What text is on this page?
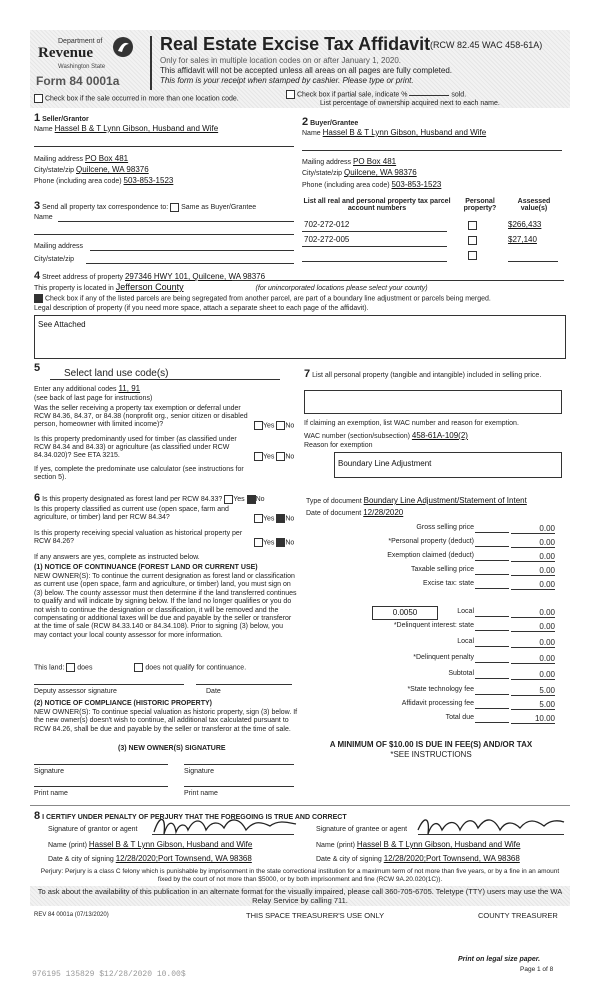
Department of
Revenue
Washington State
Form 84 0001a
Real Estate Excise Tax Affidavit (RCW 82.45 WAC 458-61A)
Only for sales in multiple location codes on or after January 1, 2020.
This affidavit will not be accepted unless all areas on all pages are fully completed.
This form is your receipt when stamped by cashier. Please type or print.
Check box if the sale occurred in more than one location code.
Check box if partial sale, indicate %	sold.
List percentage of ownership acquired next to each name.
1 Seller/Grantor
Name Hassel B & T Lynn Gibson, Husband and Wife
Mailing address PO Box 481
City/state/zip Quilcene, WA 98376
Phone (including area code) 503-853-1523
2 Buyer/Grantee
Name Hassel B & T Lynn Gibson, Husband and Wife
Mailing address PO Box 481
City/state/zip Quilcene, WA 98376
Phone (including area code) 503-853-1523
3 Send all property tax correspondence to: Same as Buyer/Grantee
Name
Mailing address
City/state/zip
List all real and personal property tax parcel account numbers
Personal property?
Assessed value(s)
702-272-012	$266,433
702-272-005	$27,140
4 Street address of property 297346 HWY 101, Quilcene, WA 98376
This property is located in Jefferson County	(for unincorporated locations please select your county)
Check box if any of the listed parcels are being segregated from another parcel, are part of a boundary line adjustment or parcels being merged.
Legal description of property (if you need more space, attach a separate sheet to each page of the affidavit).
See Attached
5	Select land use code(s)
Enter any additional codes 11, 91
(see back of last page for instructions)
Was the seller receiving a property tax exemption or deferral under RCW 84.36, 84.37, or 84.38 (nonprofit org., senior citizen or disabled person, homeowner with limited income)?	Yes No
Is this property predominantly used for timber (as classified under RCW 84.34 and 84.33) or agriculture (as classified under RCW 84.34.020)? See ETA 3215.	Yes No
If yes, complete the predominate use calculator (see instructions for section 5).
6 Is this property designated as forest land per RCW 84.33? Yes No
Is this property classified as current use (open space, farm and agriculture, or timber) land per RCW 84.34?	Yes No
Is this property receiving special valuation as historical property per RCW 84.26?	Yes No
If any answers are yes, complete as instructed below.
(1) NOTICE OF CONTINUANCE (FOREST LAND OR CURRENT USE)
NEW OWNER(S): To continue the current designation as forest land or classification as current use (open space, farm and agriculture, or timber) land, you must sign on (3) below. The county assessor must then determine if the land transferred continues to qualify and will indicate by signing below. If the land no longer qualifies or you do not wish to continue the designation or classification, it will be removed and the compensating or additional taxes will be due and payable by the seller or transferor at the time of sale (RCW 84.33.140 or 84.34.108). Prior to signing (3) below, you may contact your local county assessor for more information.
This land: does	does not qualify for continuance.
Deputy assessor signature	Date
(2) NOTICE OF COMPLIANCE (HISTORIC PROPERTY)
NEW OWNER(S): To continue special valuation as historic property, sign (3) below. If the new owner(s) doesn't wish to continue, all additional tax calculated pursuant to RCW 84.26, shall be due and payable by the seller or transferor at the time of sale.
(3) NEW OWNER(S) SIGNATURE
Signature	Signature
Print name	Print name
7 List all personal property (tangible and intangible) included in selling price.
If claiming an exemption, list WAC number and reason for exemption.
WAC number (section/subsection) 458-61A-109(2)
Reason for exemption
Boundary Line Adjustment
Type of document Boundary Line Adjustment/Statement of Intent
Date of document 12/28/2020
Gross selling price	0.00
*Personal property (deduct)	0.00
Exemption claimed (deduct)	0.00
Taxable selling price	0.00
Excise tax: state	0.00
0.0050	Local	0.00
*Delinquent interest: state	0.00
Local	0.00
*Delinquent penalty	0.00
Subtotal	0.00
*State technology fee	5.00
Affidavit processing fee	5.00
Total due	10.00
A MINIMUM OF $10.00 IS DUE IN FEE(S) AND/OR TAX
*SEE INSTRUCTIONS
8 I CERTIFY UNDER PENALTY OF PERJURY THAT THE FOREGOING IS TRUE AND CORRECT
Signature of grantor or agent	Signature of grantee or agent
Name (print) Hassel B & T Lynn Gibson, Husband and Wife	Name (print) Hassel B & T Lynn Gibson, Husband and Wife
Date & city of signing 12/28/2020;Port Townsend, WA 98368	Date & city of signing 12/28/2020;Port Townsend, WA 98368
Perjury: Perjury is a class C felony which is punishable by imprisonment in the state correctional institution for a maximum term of not more than five years, or by a fine in an amount fixed by the court of not more than $5000, or by both imprisonment and fine (RCW 9A.20.020(1C)).
To ask about the availability of this publication in an alternate format for the visually impaired, please call 360-705-6705. Teletype (TTY) users may use the WA Relay Service by calling 711.
REV 84 0001a (07/13/2020)	THIS SPACE TREASURER'S USE ONLY	COUNTY TREASURER
Print on legal size paper.
Page 1 of 8
976195 135829 $12/28/2020 10.00$
